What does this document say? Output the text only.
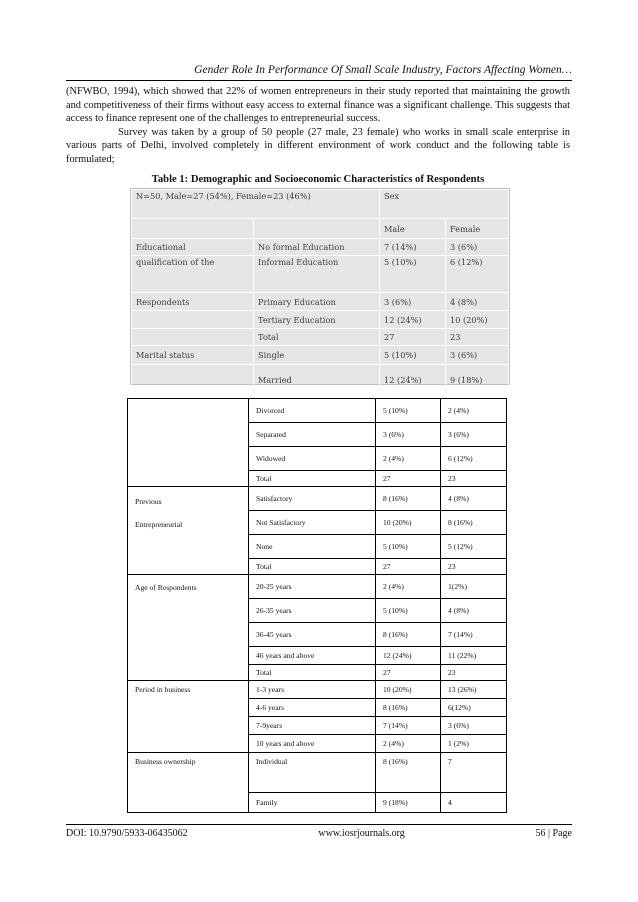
Gender Role In Performance Of Small Scale Industry, Factors Affecting Women…

(NFWBO, 1994), which showed that 22% of women entrepreneurs in their study reported that maintaining the growth and competitiveness of their firms without easy access to external finance was a significant challenge. This suggests that access to finance represent one of the challenges to entrepreneurial success.

Survey was taken by a group of 50 people (27 male, 23 female) who works in small scale enterprise in various parts of Delhi, involved completely in different environment of work conduct and the following table is formulated;

Table 1: Demographic and Socioeconomic Characteristics of Respondents
N=50, Male=27 (54%), Female=23 (46%)		Sex	
		Male	Female
Educational	No formal Education	7 (14%)	3 (6%)
qualification of the	Informal Education	5 (10%)	6 (12%)
Respondents	Primary Education	3 (6%)	4 (8%)
	Tertiary Education	12 (24%)	10 (20%)
	Total	27	23
Marital status	Single	5 (10%)	3 (6%)
	Married	12 (24%)	9 (18%)
	Divorced	5 (10%)	2 (4%)
	Separated	3 (6%)	3 (6%)
	Widowed	2 (4%)	6 (12%)
	Total	27	23

Previous
Entrepreneurial	Satisfactory	8 (16%)	4 (8%)
	Not Satisfactory	10 (20%)	8 (16%)
	None	5 (10%)	5 (12%)
	Total	27	23
Age of Respondents	20-25 years	2 (4%)	1(2%)
	26-35 years	5 (10%)	4 (8%)
	36-45 years	8 (16%)	7 (14%)
	46 years and above	12 (24%)	11 (22%)
	Total	27	23
Period in business	1-3 years	10 (20%)	13 (26%)
	4-6 years	8 (16%)	6(12%)
	7-9years	7 (14%)	3 (6%)
	10 years and above	2 (4%)	1 (2%)
Business ownership	Individual	8 (16%)	7
	Family	9 (18%)	4
DOI: 10.9790/5933-06435062	www.iosrjournals.org	56 | Page
